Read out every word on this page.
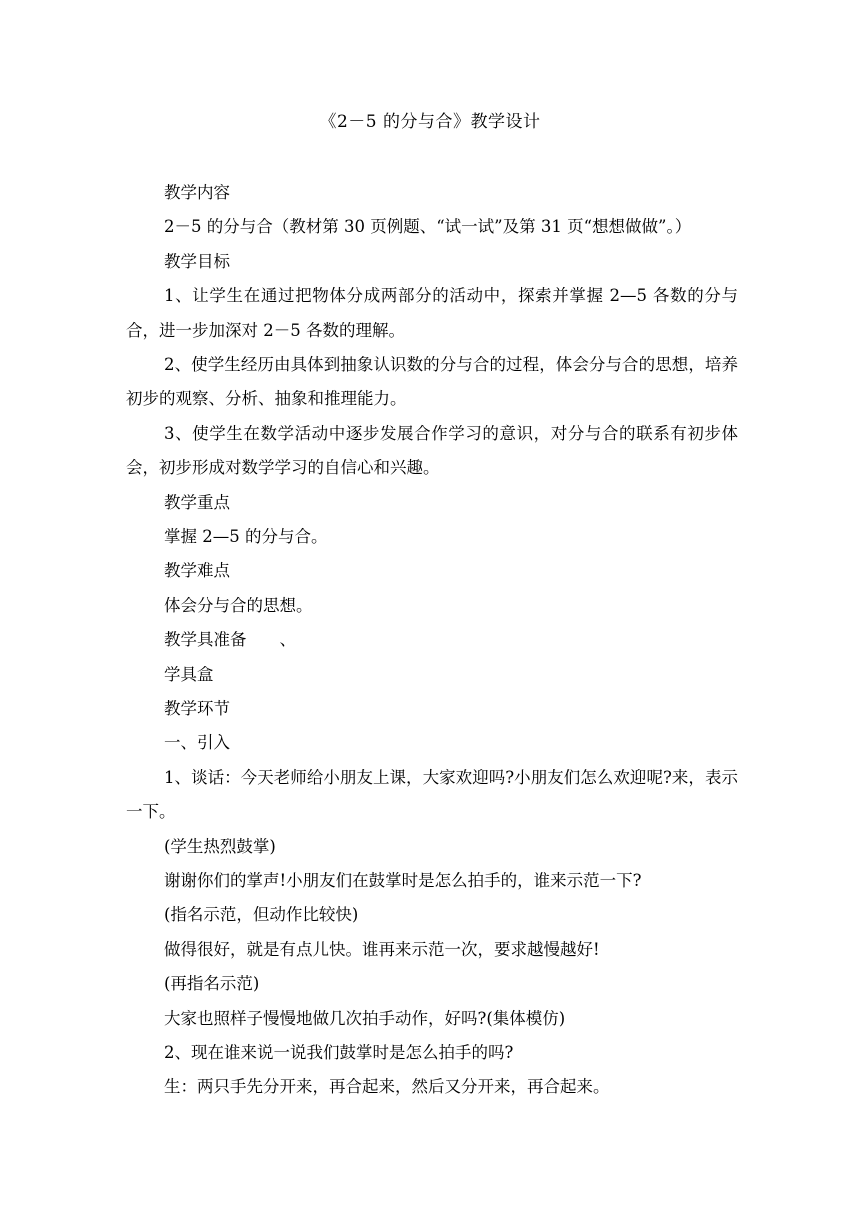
《2－5 的分与合》教学设计
教学内容
2－5 的分与合（教材第 30 页例题、“试一试”及第 31 页“想想做做”。）
教学目标
1、让学生在通过把物体分成两部分的活动中，探索并掌握 2—5 各数的分与合，进一步加深对 2－5 各数的理解。
2、使学生经历由具体到抽象认识数的分与合的过程，体会分与合的思想，培养初步的观察、分析、抽象和推理能力。
3、使学生在数学活动中逐步发展合作学习的意识，对分与合的联系有初步体会，初步形成对数学学习的自信心和兴趣。
教学重点
掌握 2—5 的分与合。
教学难点
体会分与合的思想。
教学具准备　　、
学具盒
教学环节
一、引入
1、谈话：今天老师给小朋友上课，大家欢迎吗?小朋友们怎么欢迎呢?来，表示一下。
(学生热烈鼓掌)
谢谢你们的掌声!小朋友们在鼓掌时是怎么拍手的，谁来示范一下?
(指名示范，但动作比较快)
做得很好，就是有点儿快。谁再来示范一次，要求越慢越好!
(再指名示范)
大家也照样子慢慢地做几次拍手动作，好吗?(集体模仿)
2、现在谁来说一说我们鼓掌时是怎么拍手的吗?
生：两只手先分开来，再合起来，然后又分开来，再合起来。
